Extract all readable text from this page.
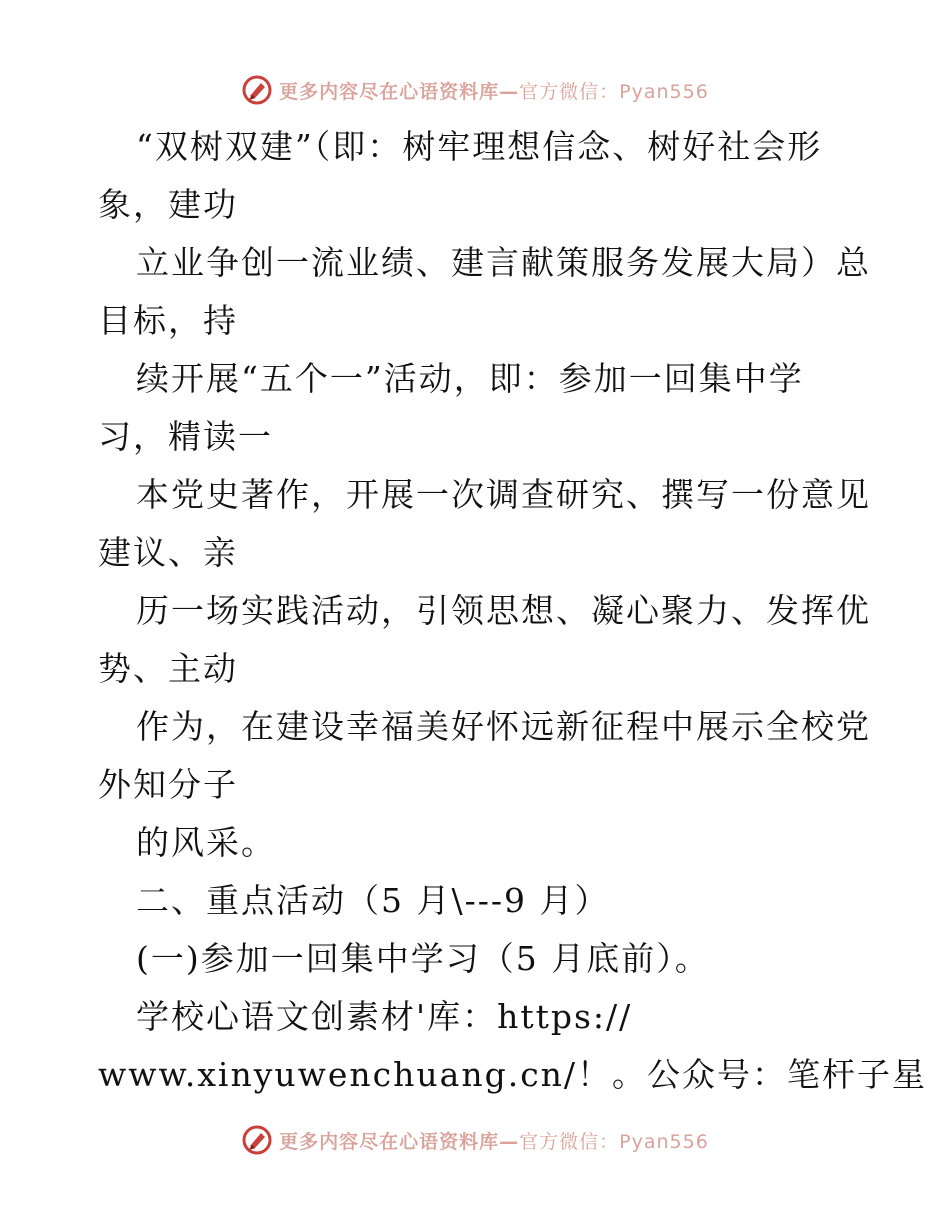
更多内容尽在心语资料库—官方微信：Pyan556
“双树双建”（即：树牢理想信念、树好社会形
象，建功
立业争创一流业绩、建言献策服务发展大局）总
目标，持
续开展“五个一”活动，即：参加一回集中学
习，精读一
本党史著作，开展一次调查研究、撰写一份意见
建议、亲
历一场实践活动，引领思想、凝心聚力、发挥优
势、主动
作为，在建设幸福美好怀远新征程中展示全校党
外知分子
的风采。
二、重点活动（5 月\---9 月）
(一)参加一回集中学习（5 月底前）。
学校心语文创素材'库：https://
www.xinyuwenchuang.cn/！。公众号：笔杆子星
更多内容尽在心语资料库—官方微信：Pyan556
